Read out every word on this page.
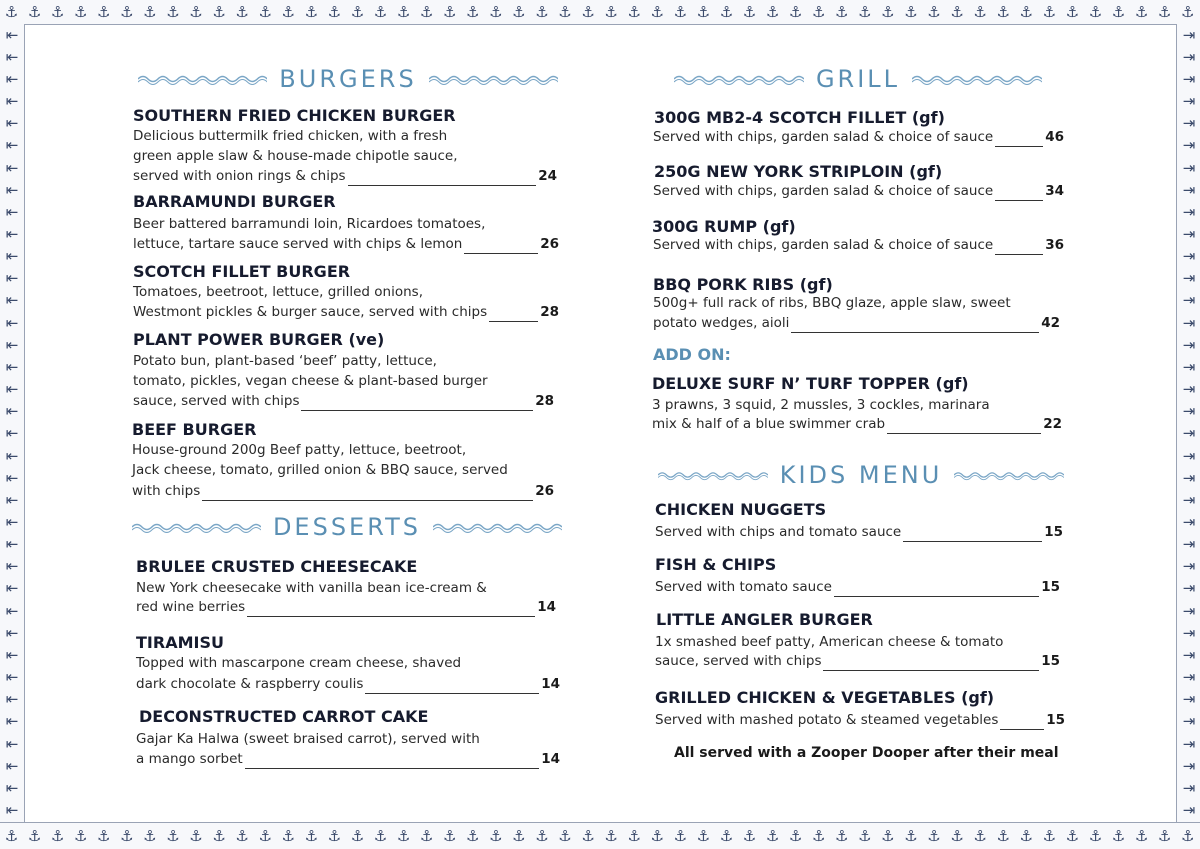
⚓ ⚓ ⚓ ⚓ ⚓ ⚓ ⚓ ⚓ ⚓ ⚓ ⚓ ⚓ ⚓ ⚓ ⚓ ⚓ ⚓ ⚓ ⚓ ⚓ ⚓ ⚓ ⚓ ⚓ ⚓ ⚓ ⚓ ⚓ ⚓ ⚓ ⚓ ⚓ ⚓ ⚓ ⚓ ⚓ ⚓ ⚓ ⚓ ⚓ ⚓ ⚓ ⚓ ⚓ ⚓ ⚓ ⚓ ⚓ ⚓ ⚓ ⚓ ⚓
⚓ ⚓ ⚓ ⚓ ⚓ ⚓ ⚓ ⚓ ⚓ ⚓ ⚓ ⚓ ⚓ ⚓ ⚓ ⚓ ⚓ ⚓ ⚓ ⚓ ⚓ ⚓ ⚓ ⚓ ⚓ ⚓ ⚓ ⚓ ⚓ ⚓ ⚓ ⚓ ⚓ ⚓ ⚓ ⚓ ⚓ ⚓ ⚓ ⚓ ⚓ ⚓ ⚓ ⚓ ⚓ ⚓ ⚓ ⚓ ⚓ ⚓ ⚓ ⚓
⇤
⇤
⇤
⇤
⇤
⇤
⇤
⇤
⇤
⇤
⇤
⇤
⇤
⇤
⇤
⇤
⇤
⇤
⇤
⇤
⇤
⇤
⇤
⇤
⇤
⇤
⇤
⇤
⇤
⇤
⇤
⇤
⇤
⇤
⇤
⇤
⇥
⇥
⇥
⇥
⇥
⇥
⇥
⇥
⇥
⇥
⇥
⇥
⇥
⇥
⇥
⇥
⇥
⇥
⇥
⇥
⇥
⇥
⇥
⇥
⇥
⇥
⇥
⇥
⇥
⇥
⇥
⇥
⇥
⇥
⇥
⇥
BURGERS
DESSERTS
GRILL
KIDS MENU
SOUTHERN FRIED CHICKEN BURGER
Delicious buttermilk fried chicken, with a fresh
green apple slaw & house-made chipotle sauce,
served with onion rings & chips	24
BARRAMUNDI BURGER
Beer battered barramundi loin, Ricardoes tomatoes,
lettuce, tartare sauce served with chips & lemon	26
SCOTCH FILLET BURGER
Tomatoes, beetroot, lettuce, grilled onions,
Westmont pickles & burger sauce, served with chips	28
PLANT POWER BURGER (ve)
Potato bun, plant-based ‘beef’ patty, lettuce,
tomato, pickles, vegan cheese & plant-based burger
sauce, served with chips	28
BEEF BURGER
House-ground 200g Beef patty, lettuce, beetroot,
Jack cheese, tomato, grilled onion & BBQ sauce, served
with chips	26
BRULEE CRUSTED CHEESECAKE
New York cheesecake with vanilla bean ice-cream &
red wine berries	14
TIRAMISU
Topped with mascarpone cream cheese, shaved
dark chocolate & raspberry coulis	14
DECONSTRUCTED CARROT CAKE
Gajar Ka Halwa (sweet braised carrot), served with
a mango sorbet	14
300G MB2-4 SCOTCH FILLET (gf)
Served with chips, garden salad & choice of sauce	46
250G NEW YORK STRIPLOIN (gf)
Served with chips, garden salad & choice of sauce	34
300G RUMP (gf)
Served with chips, garden salad & choice of sauce	36
BBQ PORK RIBS (gf)
500g+ full rack of ribs, BBQ glaze, apple slaw, sweet
potato wedges, aioli	42
ADD ON:
DELUXE SURF N’ TURF TOPPER (gf)
3 prawns, 3 squid, 2 mussles, 3 cockles, marinara
mix & half of a blue swimmer crab	22
CHICKEN NUGGETS
Served with chips and tomato sauce	15
FISH & CHIPS
Served with tomato sauce	15
LITTLE ANGLER BURGER
1x smashed beef patty, American cheese & tomato
sauce, served with chips	15
GRILLED CHICKEN & VEGETABLES (gf)
Served with mashed potato & steamed vegetables	15
All served with a Zooper Dooper after their meal
